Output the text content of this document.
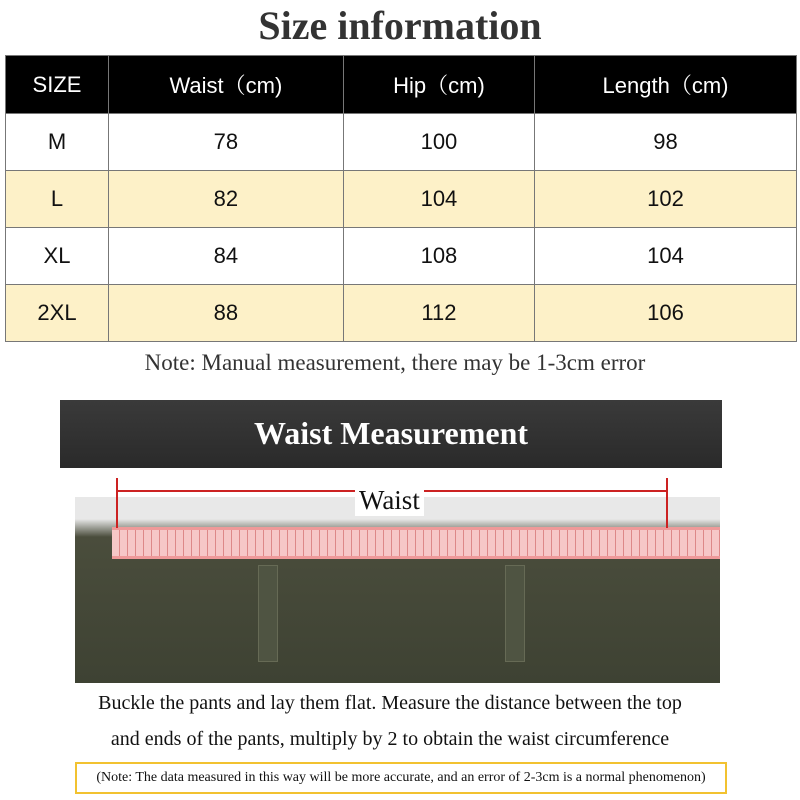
Size information
SIZE	Waist（cm)	Hip（cm)	Length（cm)
M	78	100	98
L	82	104	102
XL	84	108	104
2XL	88	112	106
Note: Manual measurement, there may be 1-3cm error
Waist Measurement
Waist
Buckle the pants and lay them flat. Measure the distance between the top
and ends of the pants, multiply by 2 to obtain the waist circumference
(Note: The data measured in this way will be more accurate, and an error of 2-3cm is a normal phenomenon)
